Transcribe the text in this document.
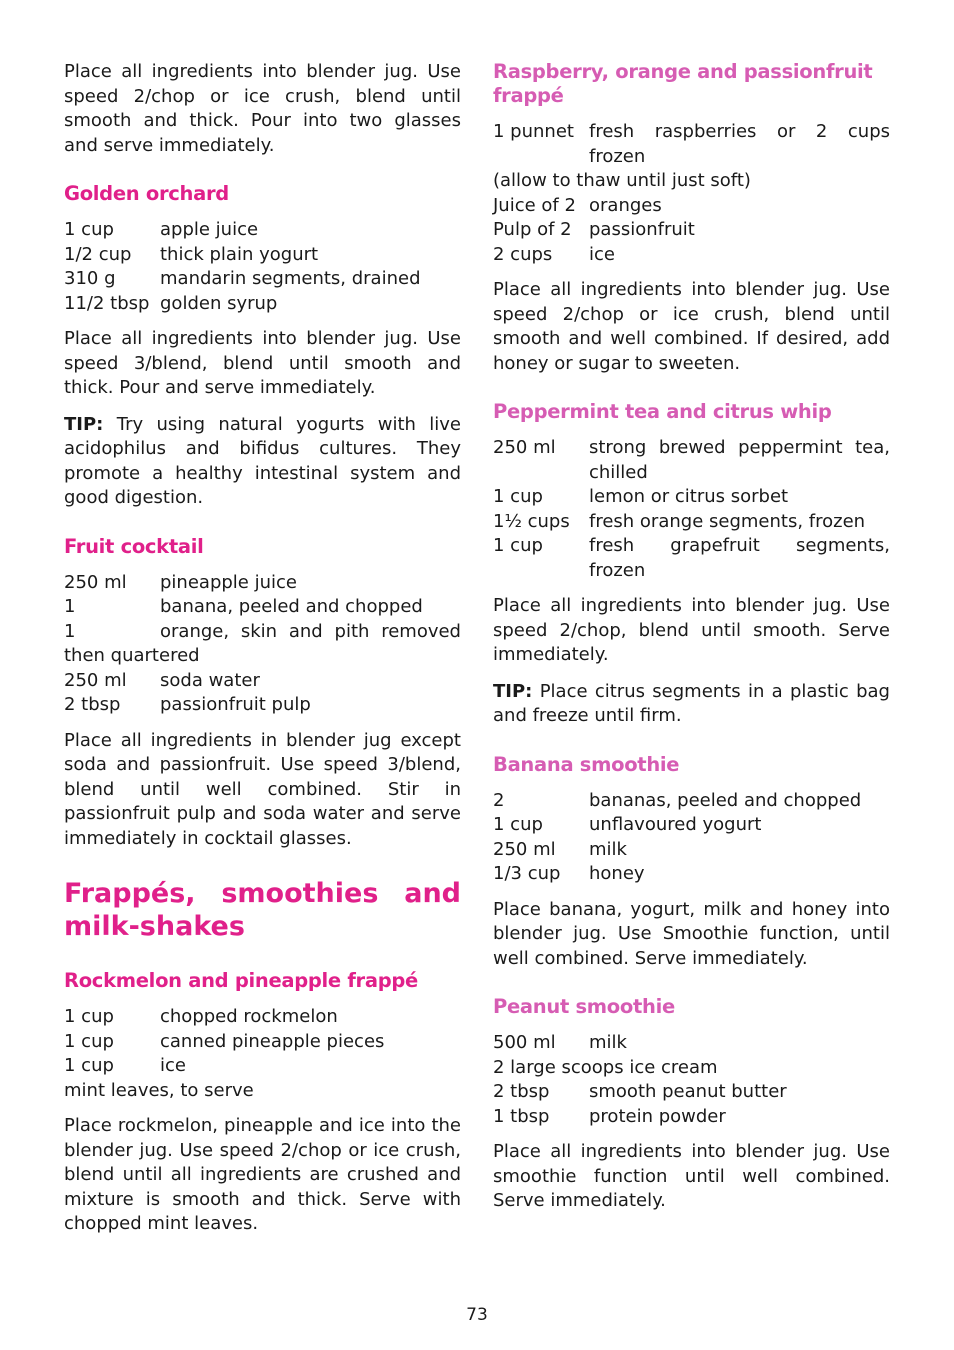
Place all ingredients into blender jug. Use speed 2/chop or ice crush, blend until smooth and thick. Pour into two glasses and serve immediately.

Golden orchard
1 cup	apple juice
1/2 cup	thick plain yogurt
310 g	mandarin segments, drained
11/2 tbsp golden syrup

Place all ingredients into blender jug. Use speed 3/blend, blend until smooth and thick. Pour and serve immediately.

TIP: Try using natural yogurts with live acidophilus and bifidus cultures. They promote a healthy intestinal system and good digestion.

Fruit cocktail
250 ml	pineapple juice
1	banana, peeled and chopped
1	orange, skin and pith removed
then quartered
250 ml	soda water
2 tbsp	passionfruit pulp

Place all ingredients in blender jug except soda and passionfruit. Use speed 3/blend, blend until well combined. Stir in passionfruit pulp and soda water and serve immediately in cocktail glasses.

Frappés, smoothies and milk-shakes
Rockmelon and pineapple frappé
1 cup	chopped rockmelon
1 cup	canned pineapple pieces
1 cup	ice
mint leaves, to serve

Place rockmelon, pineapple and ice into the blender jug. Use speed 2/chop or ice crush, blend until all ingredients are crushed and mixture is smooth and thick. Serve with chopped mint leaves.

Raspberry, orange and passionfruit frappé
1 punnet fresh raspberries or 2 cups frozen
(allow to thaw until just soft)
Juice of 2 oranges
Pulp of 2 passionfruit
2 cups	ice

Place all ingredients into blender jug. Use speed 2/chop or ice crush, blend until smooth and well combined. If desired, add honey or sugar to sweeten.

Peppermint tea and citrus whip
250 ml	strong brewed peppermint tea, chilled
1 cup	lemon or citrus sorbet
1½ cups	fresh orange segments, frozen
1 cup	fresh grapefruit segments, frozen

Place all ingredients into blender jug. Use speed 2/chop, blend until smooth. Serve immediately.

TIP: Place citrus segments in a plastic bag and freeze until firm.

Banana smoothie
2	bananas, peeled and chopped
1 cup	unflavoured yogurt
250 ml	milk
1/3 cup	honey

Place banana, yogurt, milk and honey into blender jug. Use Smoothie function, until well combined. Serve immediately.

Peanut smoothie
500 ml	milk
2 large scoops ice cream
2 tbsp	smooth peanut butter
1 tbsp	protein powder

Place all ingredients into blender jug. Use smoothie function until well combined. Serve immediately.

73
